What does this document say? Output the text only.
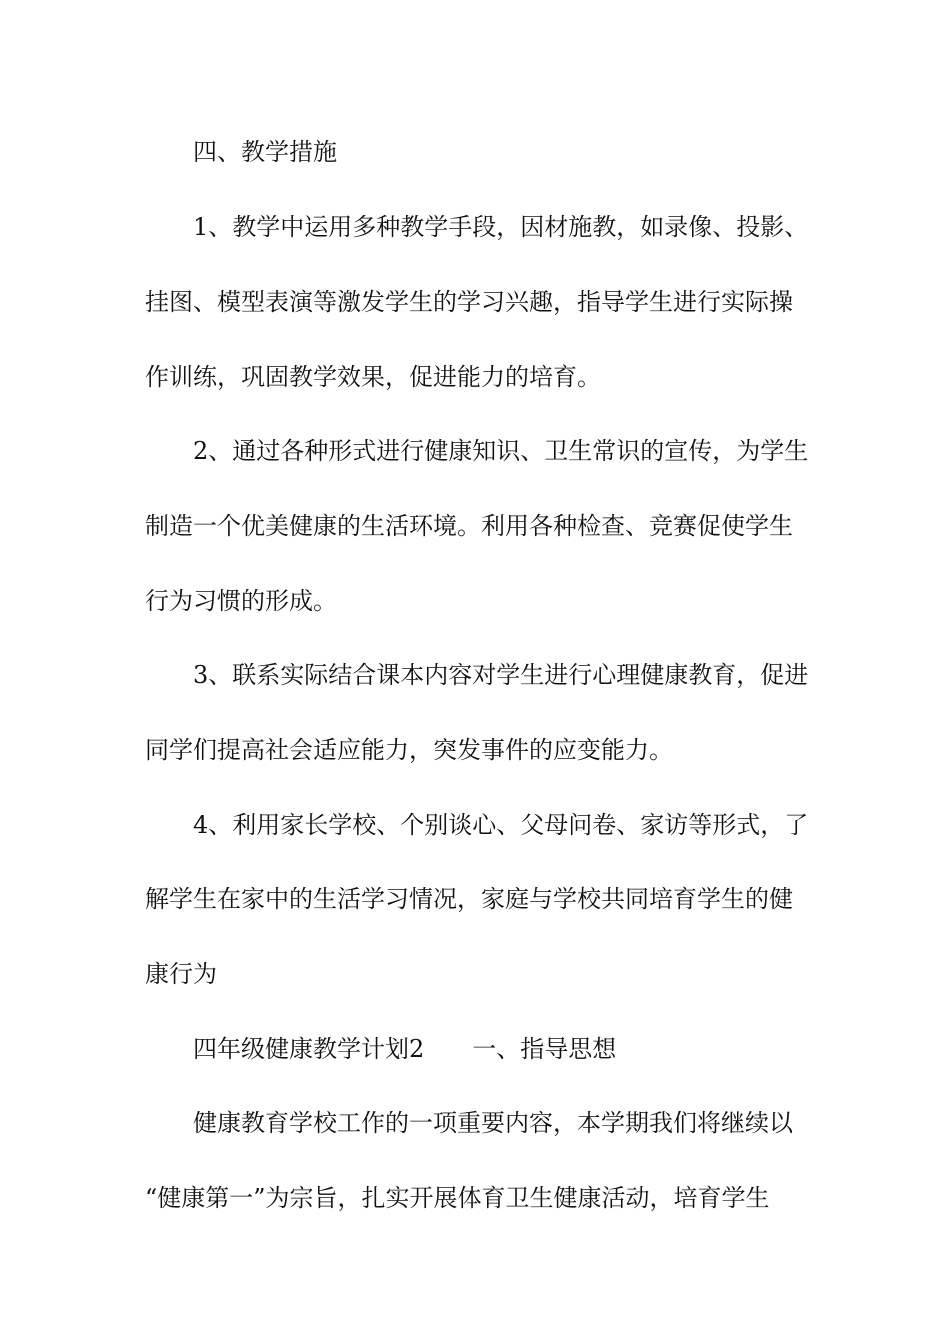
四、教学措施
1、教学中运用多种教学手段，因材施教，如录像、投影、
挂图、模型表演等激发学生的学习兴趣，指导学生进行实际操
作训练，巩固教学效果，促进能力的培育。
2、通过各种形式进行健康知识、卫生常识的宣传，为学生
制造一个优美健康的生活环境。利用各种检查、竞赛促使学生
行为习惯的形成。
3、联系实际结合课本内容对学生进行心理健康教育，促进
同学们提高社会适应能力，突发事件的应变能力。
4、利用家长学校、个别谈心、父母问卷、家访等形式，了
解学生在家中的生活学习情况，家庭与学校共同培育学生的健
康行为
四年级健康教学计划2 一、指导思想
健康教育学校工作的一项重要内容，本学期我们将继续以
“健康第一”为宗旨，扎实开展体育卫生健康活动，培育学生
